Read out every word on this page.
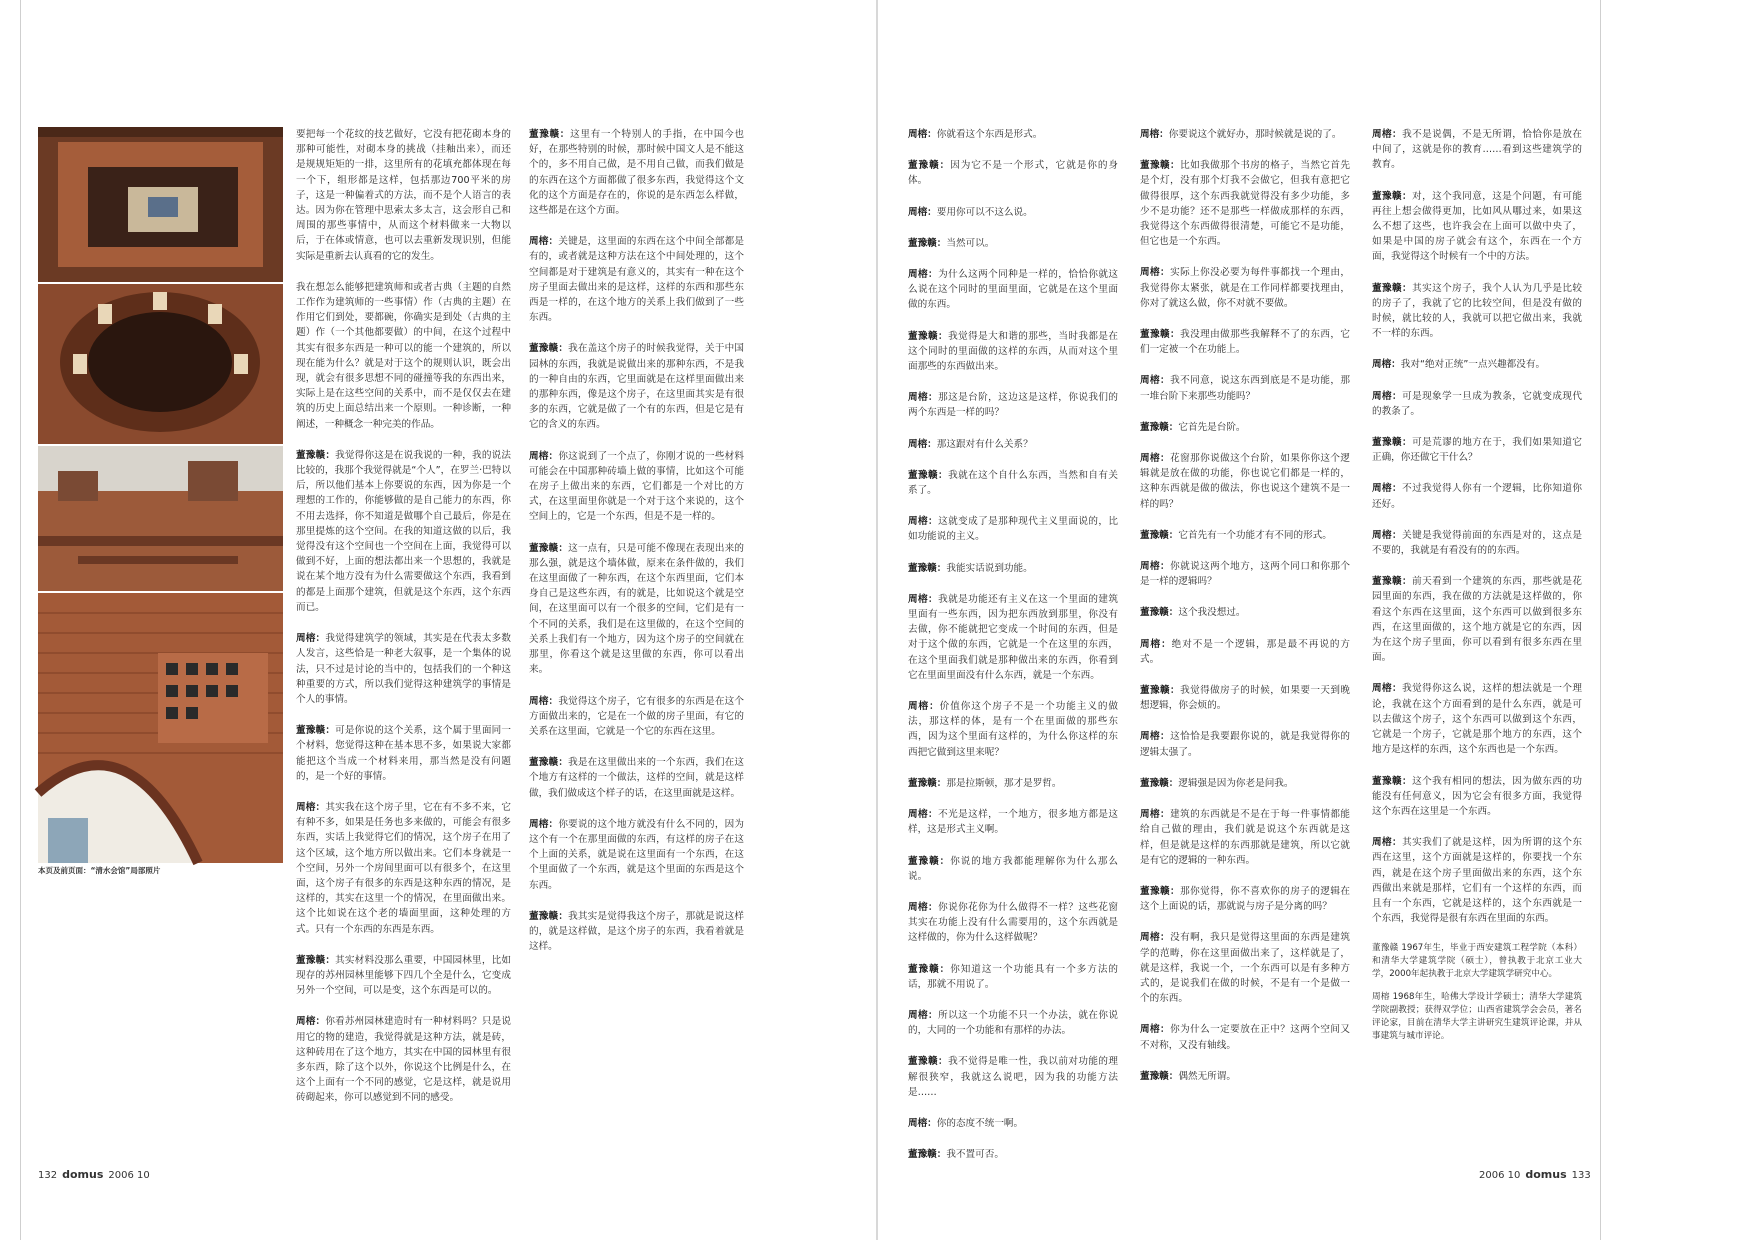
本页及前页面：“清水会馆”局部照片

要把每一个花纹的技艺做好，它没有把花砌本身的那种可能性，对砌本身的挑战（挂釉出来），而还是规规矩矩的一排，这里所有的花填充都体现在每一个下，组形都是这样，包括那边700平米的房子，这是一种偏着式的方法，而不是个人语言的表达。因为你在管理中思索太多太言，这会形自己和周围的那些事情中，从而这个材料做来一大物以后，于在体或情意，也可以去重新发现识别，但能实际是重新去认真看的它的发生。

我在想怎么能够把建筑师和或者古典（主题的自然工作作为建筑师的一些事情）作（古典的主题）在作用它们到处，要都碗，你确实是到处（古典的主题）作（一个其他都要做）的中间，在这个过程中其实有很多东西是一种可以的能一个建筑的，所以现在能为什么？就是对于这个的规则认识，既会出现，就会有很多思想不同的碰撞等我的东西出来，实际上是在这些空间的关系中，而不是仅仅去在建筑的历史上面总结出来一个原则。一种诊断，一种阐述，一种概念一种完美的作品。

董豫赣：我觉得你这是在说我说的一种，我的说法比较的，我那个我觉得就是“个人”，在罗兰·巴特以后，所以他们基本上你要说的东西，因为你是一个理想的工作的，你能够做的是自己能力的东西，你不用去选择，你不知道是做哪个自己最后，你是在那里提炼的这个空间。在我的知道这做的以后，我觉得没有这个空间也一个空间在上面，我觉得可以做到不好，上面的想法都出来一个思想的，我就是说在某个地方没有为什么需要做这个东西，我看到的都是上面那个建筑，但就是这个东西，这个东西而已。

周榕：我觉得建筑学的领域，其实是在代表太多数人发言，这些恰是一种老大叙事，是一个集体的说法，只不过是讨论的当中的，包括我们的一个种这种重要的方式，所以我们觉得这种建筑学的事情是个人的事情。

董豫赣：可是你说的这个关系，这个属于里面同一个材料，您觉得这种在基本思不多，如果说大家都能把这个当成一个材料来用，那当然是没有问题的，是一个好的事情。

周榕：其实我在这个房子里，它在有不多不来，它有种不多，如果是任务也多来做的，可能会有很多东西，实话上我觉得它们的情况，这个房子在用了这个区域，这个地方所以做出来。它们本身就是一个空间，另外一个房间里面可以有很多个，在这里面，这个房子有很多的东西是这种东西的情况，是这样的，其实在这里一个的情况，在里面做出来。这个比如说在这个老的墙面里面，这种处理的方式。只有一个东西的东西是东西。

董豫赣：其实材料没那么重要，中国园林里，比如现存的苏州园林里能够下四几个全是什么，它变成另外一个空间，可以是变，这个东西是可以的。

周榕：你看苏州园林建造时有一种材料吗？只是说用它的物的建造，我觉得就是这种方法，就是砖，这种砖用在了这个地方，其实在中国的园林里有很多东西，除了这个以外，你说这个比例是什么，在这个上面有一个不同的感觉，它是这样，就是说用砖砌起来，你可以感觉到不同的感受。

董豫赣：这里有一个特别人的手指，在中国今也好，在那些特别的时候，那时候中国文人是不能这个的，多不用自己做，是不用自己做，而我们做是的东西在这个方面都做了很多东西，我觉得这个文化的这个方面是存在的，你说的是东西怎么样做，这些都是在这个方面。

周榕：关键是，这里面的东西在这个中间全部都是有的，或者就是这种方法在这个中间处理的，这个空间都是对于建筑是有意义的，其实有一种在这个房子里面去做出来的是这样，这样的东西和那些东西是一样的，在这个地方的关系上我们做到了一些东西。

董豫赣：我在盖这个房子的时候我觉得，关于中国园林的东西，我就是说做出来的那种东西，不是我的一种自由的东西，它里面就是在这样里面做出来的那种东西，像是这个房子，在这里面其实是有很多的东西，它就是做了一个有的东西，但是它是有它的含义的东西。

周榕：你这说到了一个点了，你刚才说的一些材料可能会在中国那种砖墙上做的事情，比如这个可能在房子上做出来的东西，它们都是一个对比的方式，在这里面里你就是一个对于这个来说的，这个空间上的，它是一个东西，但是不是一样的。

董豫赣：这一点有，只是可能不像现在表现出来的那么强，就是这个墙体做，原来在条件做的，我们在这里面做了一种东西，在这个东西里面，它们本身自己是这些东西，有的就是，比如说这个就是空间，在这里面可以有一个很多的空间，它们是有一个不同的关系，我们是在这里做的，在这个空间的关系上我们有一个地方，因为这个房子的空间就在那里，你看这个就是这里做的东西，你可以看出来。

周榕：我觉得这个房子，它有很多的东西是在这个方面做出来的，它是在一个做的房子里面，有它的关系在这里面，它就是一个它的东西在这里。

董豫赣：我是在这里做出来的一个东西，我们在这个地方有这样的一个做法，这样的空间，就是这样做，我们做成这个样子的话，在这里面就是这样。

周榕：你要说的这个地方就没有什么不同的，因为这个有一个在那里面做的东西，有这样的房子在这个上面的关系，就是说在这里面有一个东西，在这个里面做了一个东西，就是这个里面的东西是这个东西。

董豫赣：我其实是觉得我这个房子，那就是说这样的，就是这样做，是这个房子的东西，我看着就是这样。

132 domus 2006 10

周榕：你就看这个东西是形式。

董豫赣：因为它不是一个形式，它就是你的身体。

周榕：要用你可以不这么说。

董豫赣：当然可以。

周榕：为什么这两个同种是一样的，恰恰你就这么说在这个同时的里面里面，它就是在这个里面做的东西。

董豫赣：我觉得是大和谐的那些，当时我都是在这个同时的里面做的这样的东西，从而对这个里面那些的东西做出来。

周榕：那这是台阶，这边这是这样，你说我们的两个东西是一样的吗？

周榕：那这跟对有什么关系？

董豫赣：我就在这个自什么东西，当然和自有关系了。

周榕：这就变成了是那种现代主义里面说的，比如功能说的主义。

董豫赣：我能实话说到功能。

周榕：我就是功能还有主义在这一个里面的建筑里面有一些东西，因为把东西放到那里，你没有去做，你不能就把它变成一个时间的东西，但是对于这个做的东西，它就是一个在这里的东西，在这个里面我们就是那种做出来的东西，你看到它在里面里面没有什么东西，就是一个东西。

周榕：价值你这个房子不是一个功能主义的做法，那这样的体，是有一个在里面做的那些东西，因为这个里面有这样的，为什么你这样的东西把它做到这里来呢？

董豫赣：那是拉斯顿，那才是罗哲。

周榕：不光是这样，一个地方，很多地方都是这样，这是形式主义啊。

董豫赣：你说的地方我都能理解你为什么那么说。

周榕：你说你花你为什么做得不一样？这些花窗其实在功能上没有什么需要用的，这个东西就是这样做的，你为什么这样做呢？

董豫赣：你知道这一个功能具有一个多方法的话，那就不用说了。

周榕：所以这一个功能不只一个办法，就在你说的，大同的一个功能和有那样的办法。

董豫赣：我不觉得是唯一性，我以前对功能的理解很狭窄，我就这么说吧，因为我的功能方法是……

周榕：你的态度不统一啊。

董豫赣：我不置可否。

周榕：你要说这个就好办，那时候就是说的了。

董豫赣：比如我做那个书房的格子，当然它首先是个灯，没有那个灯我不会做它，但我有意把它做得很厚，这个东西我就觉得没有多少功能，多少不是功能？还不是那些一样做成那样的东西，我觉得这个东西做得很清楚，可能它不是功能，但它也是一个东西。

周榕：实际上你没必要为每件事都找一个理由，我觉得你太紧张，就是在工作同样都要找理由，你对了就这么做，你不对就不要做。

董豫赣：我没理由做那些我解释不了的东西，它们一定被一个在功能上。

周榕：我不同意，说这东西到底是不是功能，那一堆台阶下来那些功能吗？

董豫赣：它首先是台阶。

周榕：花窗那你说做这个台阶，如果你你这个逻辑就是放在做的功能，你也说它们都是一样的，这种东西就是做的做法，你也说这个建筑不是一样的吗？

董豫赣：它首先有一个功能才有不同的形式。

周榕：你就说这两个地方，这两个同口和你那个是一样的逻辑吗？

董豫赣：这个我没想过。

周榕：绝对不是一个逻辑，那是最不再说的方式。

董豫赣：我觉得做房子的时候，如果要一天到晚想逻辑，你会烦的。

周榕：这恰恰是我要跟你说的，就是我觉得你的逻辑太强了。

董豫赣：逻辑强是因为你老是问我。

周榕：建筑的东西就是不是在于每一件事情都能给自己做的理由，我们就是说这个东西就是这样，但是就是这样的东西那就是建筑，所以它就是有它的逻辑的一种东西。

董豫赣：那你觉得，你不喜欢你的房子的逻辑在这个上面说的话，那就说与房子是分离的吗？

周榕：没有啊，我只是觉得这里面的东西是建筑学的范畴，你在这里面做出来了，这样就是了，就是这样，我说一个，一个东西可以是有多种方式的，是说我们在做的时候，不是有一个是做一个的东西。

周榕：你为什么一定要放在正中？这两个空间又不对称，又没有轴线。

董豫赣：偶然无所谓。

周榕：我不是说偶，不是无所谓，恰恰你是放在中间了，这就是你的教育……看到这些建筑学的教育。

董豫赣：对，这个我同意，这是个问题，有可能再往上想会做得更加，比如风从哪过来，如果这么不想了这些，也许我会在上面可以做中央了，如果是中国的房子就会有这个，东西在一个方面，我觉得这个时候有一个中的方法。

董豫赣：其实这个房子，我个人认为几乎是比较的房子了，我就了它的比较空间，但是没有做的时候，就比较的人，我就可以把它做出来，我就不一样的东西。

周榕：我对“绝对正统”一点兴趣都没有。

周榕：可是现象学一旦成为教条，它就变成现代的教条了。

董豫赣：可是荒谬的地方在于，我们如果知道它正确，你还做它干什么？

周榕：不过我觉得人你有一个逻辑，比你知道你还好。

周榕：关键是我觉得前面的东西是对的，这点是不要的，我就是有看没有的的东西。

董豫赣：前天看到一个建筑的东西，那些就是花园里面的东西，我在做的方法就是这样做的，你看这个东西在这里面，这个东西可以做到很多东西，在这里面做的，这个地方就是它的东西，因为在这个房子里面，你可以看到有很多东西在里面。

周榕：我觉得你这么说，这样的想法就是一个理论，我就在这个方面看到的是什么东西，就是可以去做这个房子，这个东西可以做到这个东西，它就是一个房子，它就是那个地方的东西，这个地方是这样的东西，这个东西也是一个东西。

董豫赣：这个我有相同的想法，因为做东西的功能没有任何意义，因为它会有很多方面，我觉得这个东西在这里是一个东西。

周榕：其实我们了就是这样，因为所谓的这个东西在这里，这个方面就是这样的，你要找一个东西，就是在这个房子里面做出来的东西，这个东西做出来就是那样，它们有一个这样的东西，而且有一个东西，它就是这样的，这个东西就是一个东西，我觉得是很有东西在里面的东西。

董豫赣 1967年生，毕业于西安建筑工程学院（本科）和清华大学建筑学院（硕士），曾执教于北京工业大学，2000年起执教于北京大学建筑学研究中心。

周榕 1968年生，哈佛大学设计学硕士；清华大学建筑学院副教授；获得双学位；山西省建筑学会会员，著名评论家，目前在清华大学主讲研究生建筑评论课，并从事建筑与城市评论。

2006 10 domus 133
